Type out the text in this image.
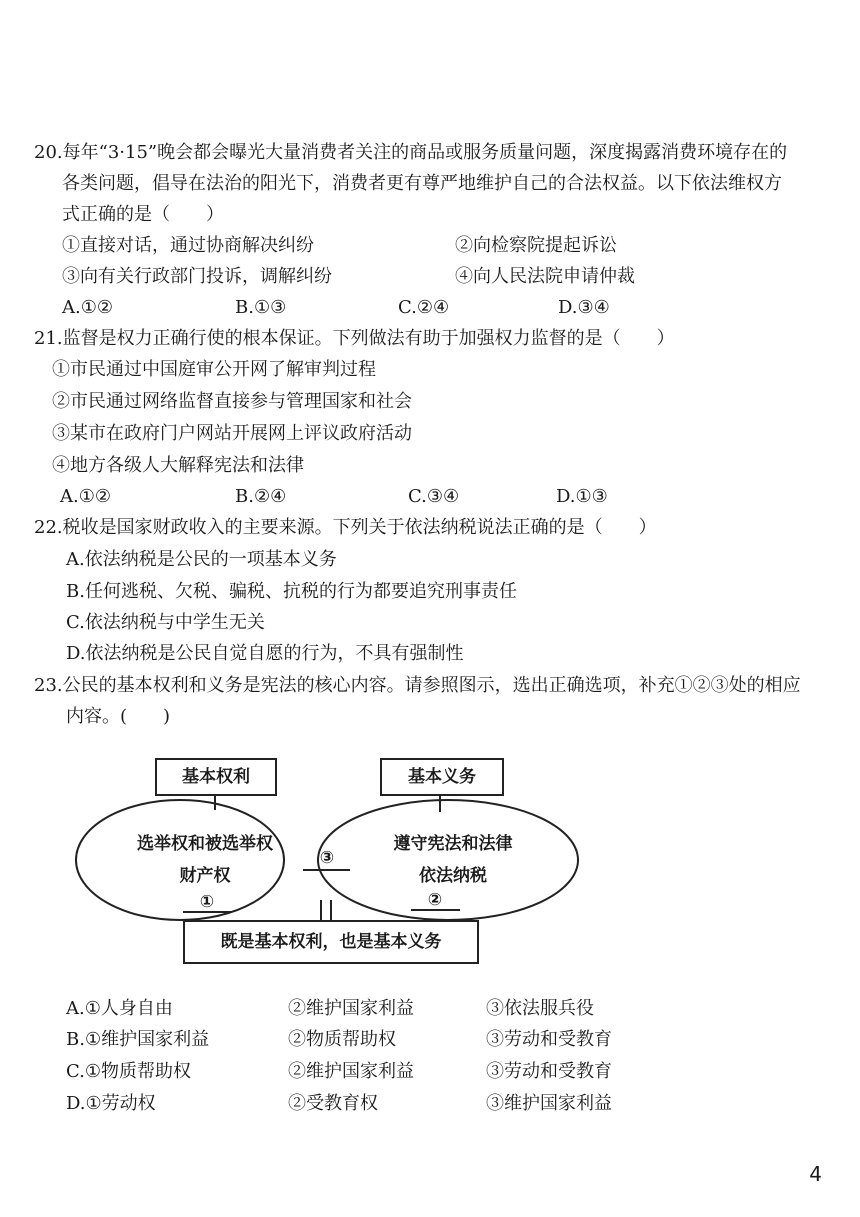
20.每年“3·15”晚会都会曝光大量消费者关注的商品或服务质量问题，深度揭露消费环境存在的
各类问题，倡导在法治的阳光下，消费者更有尊严地维护自己的合法权益。以下依法维权方
式正确的是（　　）
①直接对话，通过协商解决纠纷	②向检察院提起诉讼
③向有关行政部门投诉，调解纠纷	④向人民法院申请仲裁
A.①②	B.①③	C.②④	D.③④
21.监督是权力正确行使的根本保证。下列做法有助于加强权力监督的是（　　）
①市民通过中国庭审公开网了解审判过程
②市民通过网络监督直接参与管理国家和社会
③某市在政府门户网站开展网上评议政府活动
④地方各级人大解释宪法和法律
A.①②	B.②④	C.③④	D.①③
22.税收是国家财政收入的主要来源。下列关于依法纳税说法正确的是（　　）
A.依法纳税是公民的一项基本义务
B.任何逃税、欠税、骗税、抗税的行为都要追究刑事责任
C.依法纳税与中学生无关
D.依法纳税是公民自觉自愿的行为，不具有强制性
23.公民的基本权利和义务是宪法的核心内容。请参照图示，选出正确选项，补充①②③处的相应
内容。(　　)
基本权利	基本义务
选举权和被选举权
财产权
①
③
遵守宪法和法律
依法纳税
②
既是基本权利，也是基本义务
A.①人身自由	②维护国家利益	③依法服兵役
B.①维护国家利益	②物质帮助权	③劳动和受教育
C.①物质帮助权	②维护国家利益	③劳动和受教育
D.①劳动权	②受教育权	③维护国家利益
4
